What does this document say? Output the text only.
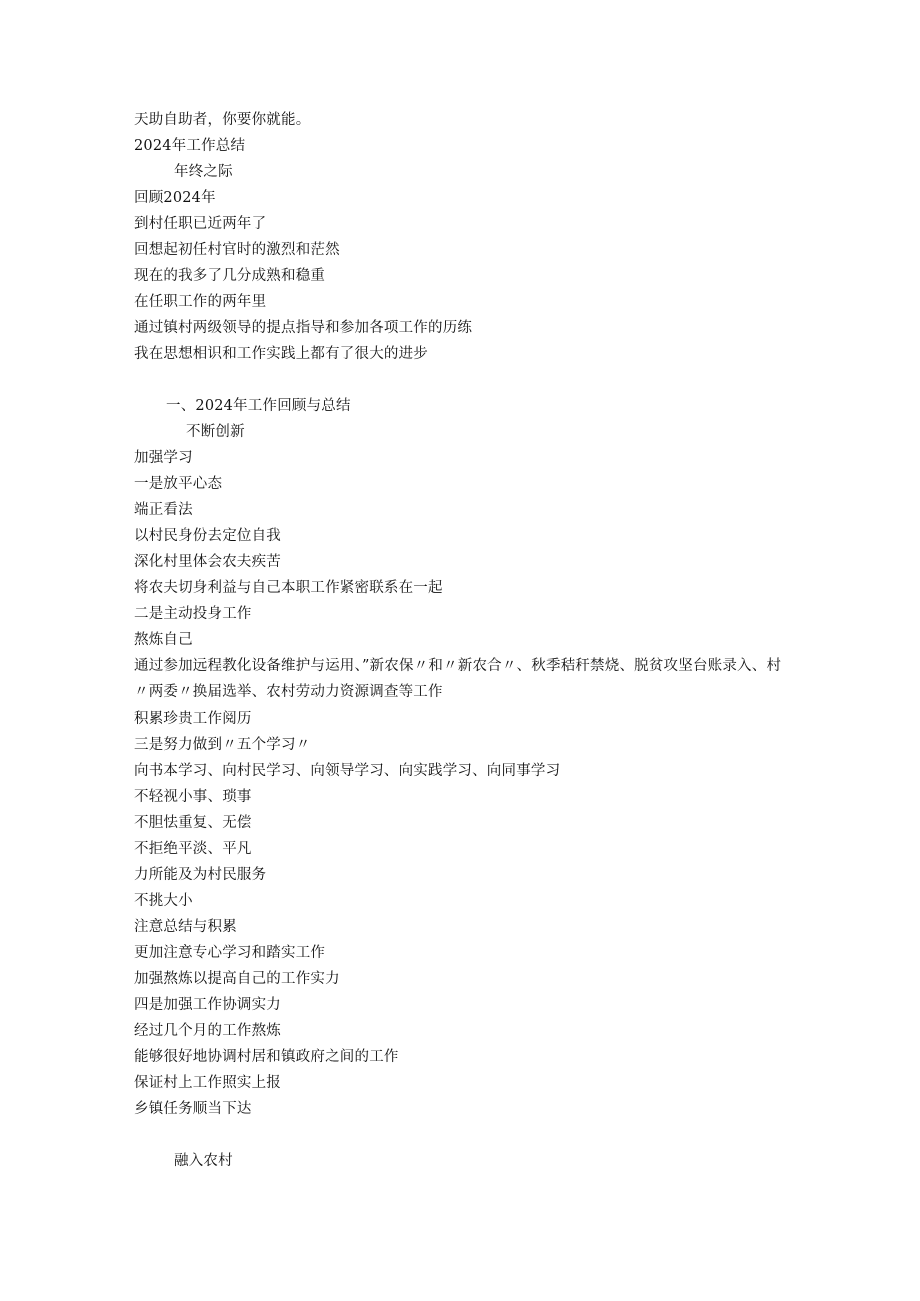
天助自助者，你要你就能。
2024年工作总结
年终之际
回顾2024年
到村任职已近两年了
回想起初任村官时的激烈和茫然
现在的我多了几分成熟和稳重
在任职工作的两年里
通过镇村两级领导的提点指导和参加各项工作的历练
我在思想相识和工作实践上都有了很大的进步
一、2024年工作回顾与总结
不断创新
加强学习
一是放平心态
端正看法
以村民身份去定位自我
深化村里体会农夫疾苦
将农夫切身利益与自己本职工作紧密联系在一起
二是主动投身工作
熬炼自己
通过参加远程教化设备维护与运用、”新农保〃和〃新农合〃、秋季秸秆禁烧、脱贫攻坚台账录入、村〃两委〃换届选举、农村劳动力资源调查等工作
积累珍贵工作阅历
三是努力做到〃五个学习〃
向书本学习、向村民学习、向领导学习、向实践学习、向同事学习
不轻视小事、琐事
不胆怯重复、无偿
不拒绝平淡、平凡
力所能及为村民服务
不挑大小
注意总结与积累
更加注意专心学习和踏实工作
加强熬炼以提高自己的工作实力
四是加强工作协调实力
经过几个月的工作熬炼
能够很好地协调村居和镇政府之间的工作
保证村上工作照实上报
乡镇任务顺当下达
融入农村
